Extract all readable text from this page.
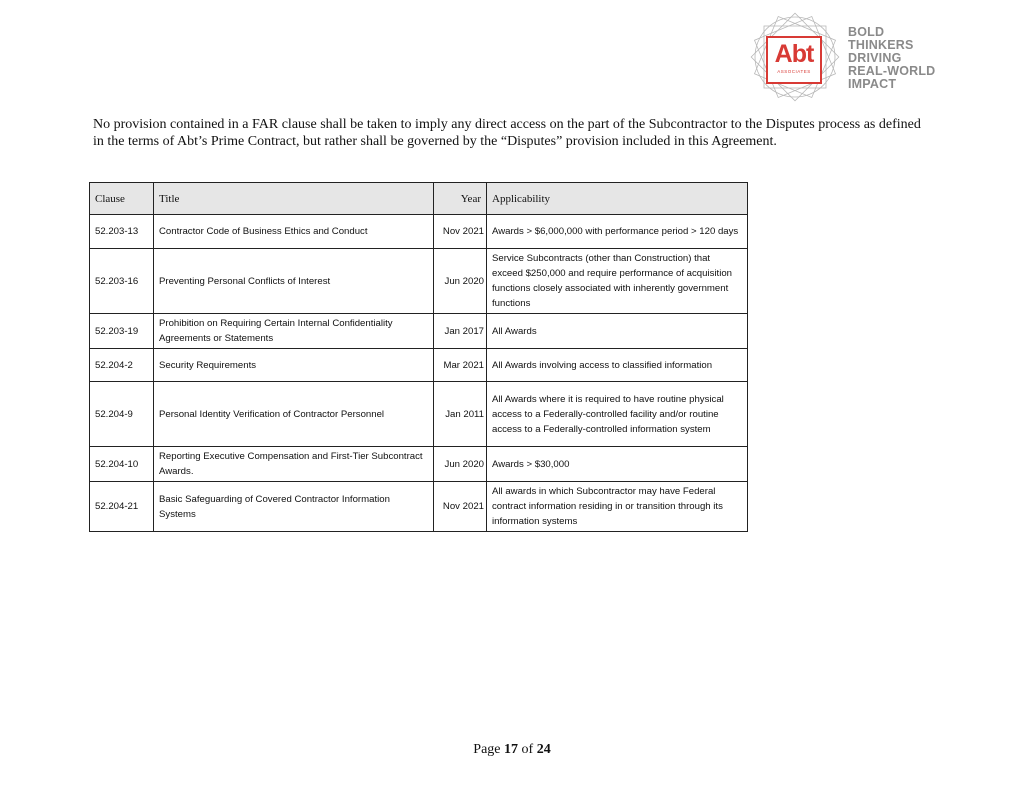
Abt
ASSOCIATES
BOLD
THINKERS
DRIVING
REAL-WORLD
IMPACT

No provision contained in a FAR clause shall be taken to imply any direct access on the part of the Subcontractor to the Disputes process as defined in the terms of Abt’s Prime Contract, but rather shall be governed by the “Disputes” provision included in this Agreement.

Clause	Title	Year	Applicability
52.203-13	Contractor Code of Business Ethics and Conduct	Nov 2021	Awards > $6,000,000 with performance period > 120 days
52.203-16	Preventing Personal Conflicts of Interest	Jun 2020	Service Subcontracts (other than Construction) that exceed $250,000 and require performance of acquisition functions closely associated with inherently government functions
52.203-19	Prohibition on Requiring Certain Internal Confidentiality Agreements or Statements	Jan 2017	All Awards
52.204-2	Security Requirements	Mar 2021	All Awards involving access to classified information
52.204-9	Personal Identity Verification of Contractor Personnel	Jan 2011	All Awards where it is required to have routine physical access to a Federally-controlled facility and/or routine access to a Federally-controlled information system
52.204-10	Reporting Executive Compensation and First-Tier Subcontract Awards.	Jun 2020	Awards > $30,000
52.204-21	Basic Safeguarding of Covered Contractor Information Systems	Nov 2021	All awards in which Subcontractor may have Federal contract information residing in or transition through its information systems
Page 17 of 24
